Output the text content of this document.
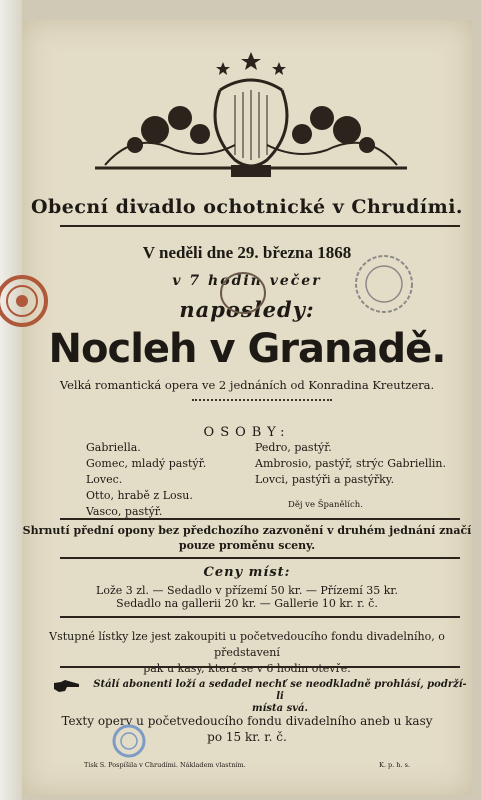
Obecní divadlo ochotnické v Chrudími.
V neděli dne 29. března 1868
v 7 hodin večer
naposledy:
Nocleh v Granadě.
Velká romantická opera ve 2 jednáních od Konradina Kreutzera.
OSOBY:
Gabriella.
Gomec, mladý pastýř.
Lovec.
Otto, hrabě z Losu.
Vasco, pastýř.
Pedro, pastýř.
Ambrosio, pastýř, strýc Gabriellin.
Lovci, pastýři a pastýřky.
Děj ve Španělích.
Shrnutí přední opony bez předchozího zazvonění v druhém jednání značí
pouze proměnu sceny.
Ceny míst:
Lože 3 zl. — Sedadlo v přízemí 50 kr. — Přízemí 35 kr.
Sedadlo na gallerii 20 kr. — Gallerie 10 kr. r. č.
Vstupné lístky lze jest zakoupiti u početvedoucího fondu divadelního, o představení
pak u kasy, která se v 6 hodin otevře.
Stálí abonenti loží a sedadel nechť se neodkladně prohlásí, podrží-li
místa svá.
Texty opery u početvedoucího fondu divadelního aneb u kasy
po 15 kr. r. č.
Tisk S. Pospíšila v Chrudími. Nákladem vlastním.	K. p. h. s.
